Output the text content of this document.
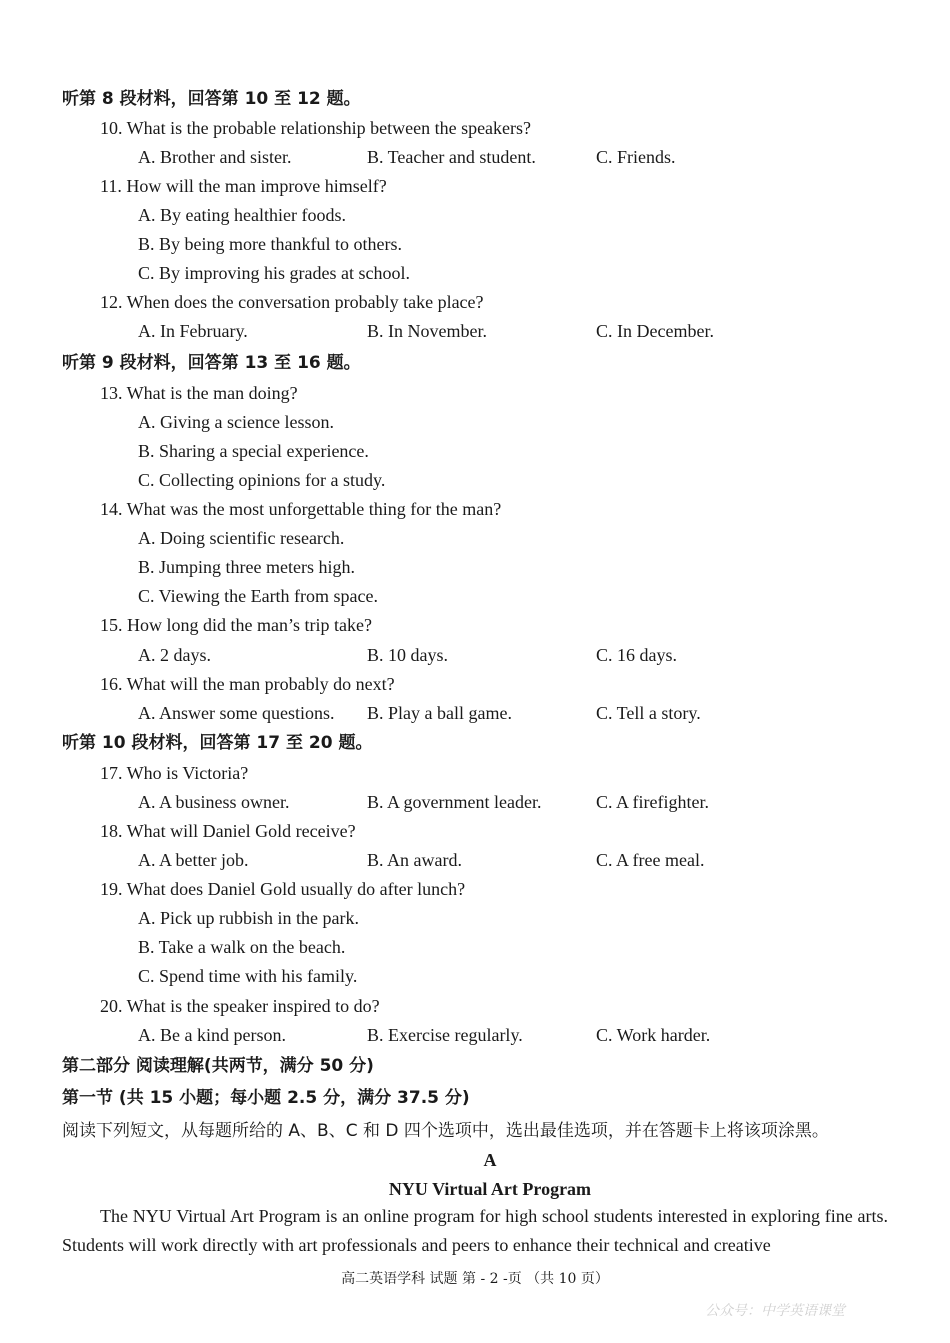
听第 8 段材料，回答第 10 至 12 题。
10. What is the probable relationship between the speakers?
A. Brother and sister.	B. Teacher and student.	C. Friends.
11. How will the man improve himself?
A. By eating healthier foods.
B. By being more thankful to others.
C. By improving his grades at school.
12. When does the conversation probably take place?
A. In February.	B. In November.	C. In December.
听第 9 段材料，回答第 13 至 16 题。
13. What is the man doing?
A. Giving a science lesson.
B. Sharing a special experience.
C. Collecting opinions for a study.
14. What was the most unforgettable thing for the man?
A. Doing scientific research.
B. Jumping three meters high.
C. Viewing the Earth from space.
15. How long did the man’s trip take?
A. 2 days.	B. 10 days.	C. 16 days.
16. What will the man probably do next?
A. Answer some questions. B. Play a ball game.	C. Tell a story.
听第 10 段材料，回答第 17 至 20 题。
17. Who is Victoria?
A. A business owner.	B. A government leader.	C. A firefighter.
18. What will Daniel Gold receive?
A. A better job.	B. An award.	C. A free meal.
19. What does Daniel Gold usually do after lunch?
A. Pick up rubbish in the park.
B. Take a walk on the beach.
C. Spend time with his family.
20. What is the speaker inspired to do?
A. Be a kind person.	B. Exercise regularly.	C. Work harder.
第二部分 阅读理解(共两节，满分 50 分)
第一节 (共 15 小题；每小题 2.5 分，满分 37.5 分)
阅读下列短文，从每题所给的 A、B、C 和 D 四个选项中，选出最佳选项，并在答题卡上将该项涂黑。
A
NYU Virtual Art Program
The NYU Virtual Art Program is an online program for high school students interested in exploring fine arts. Students will work directly with art professionals and peers to enhance their technical and creative
高二英语学科 试题 第 - 2 -页 （共 10 页）
公众号：中学英语课堂
